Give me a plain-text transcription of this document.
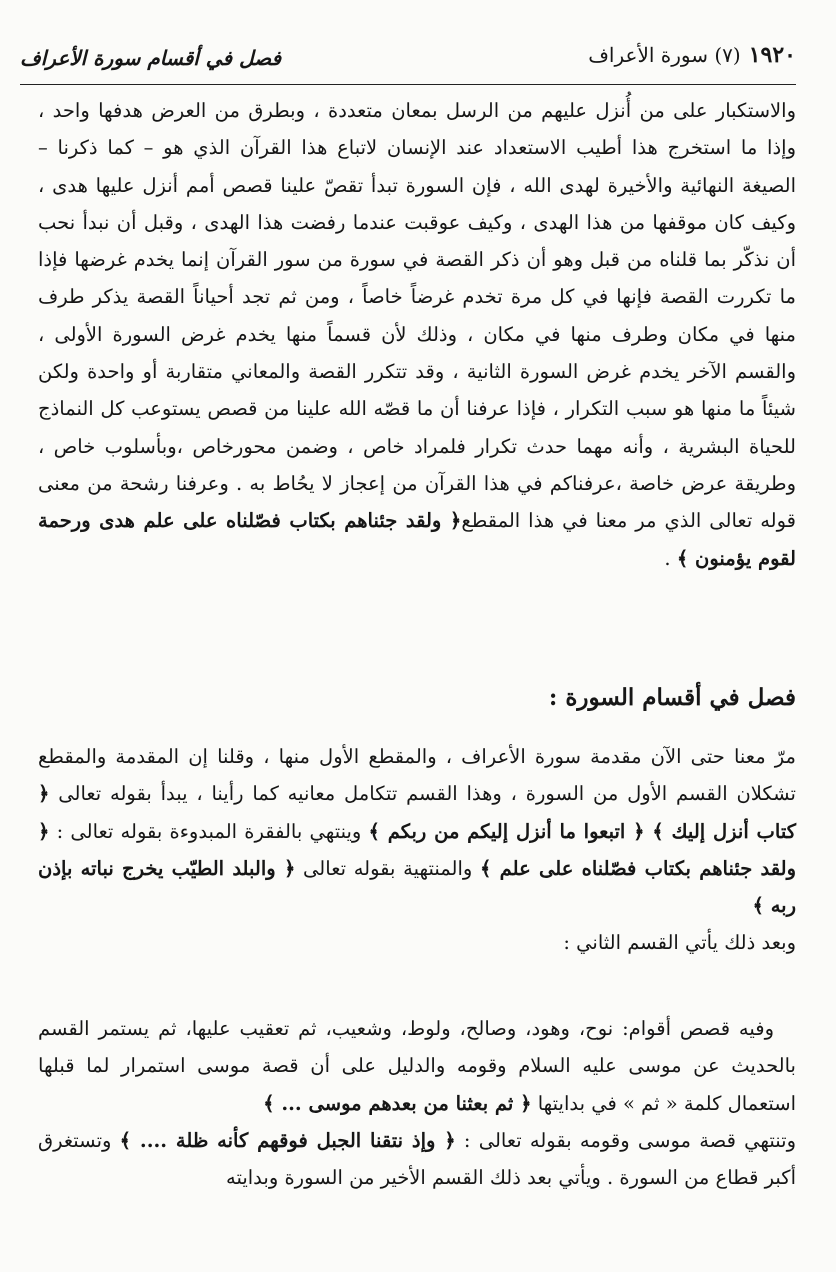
١٩٢٠(٧) سورة الأعراف
فصل في أقسام سورة الأعراف

والاستكبار على من أُنزل عليهم من الرسل بمعان متعددة ، وبطرق من العرض هدفها واحد ، وإذا ما استخرج هذا أطيب الاستعداد عند الإنسان لاتباع هذا القرآن الذي هو – كما ذكرنا – الصيغة النهائية والأخيرة لهدى الله ، فإن السورة تبدأ تقصّ علينا قصص أمم أنزل عليها هدى ، وكيف كان موقفها من هذا الهدى ، وكيف عوقبت عندما رفضت هذا الهدى ، وقبل أن نبدأ نحب أن نذكّر بما قلناه من قبل وهو أن ذكر القصة في سورة من سور القرآن إنما يخدم غرضها فإذا ما تكررت القصة فإنها في كل مرة تخدم غرضاً خاصاً ، ومن ثم تجد أحياناً القصة يذكر طرف منها في مكان وطرف منها في مكان ، وذلك لأن قسماً منها يخدم غرض السورة الأولى ، والقسم الآخر يخدم غرض السورة الثانية ، وقد تتكرر القصة والمعاني متقاربة أو واحدة ولكن شيئاً ما منها هو سبب التكرار ، فإذا عرفنا أن ما قصّه الله علينا من قصص يستوعب كل النماذج للحياة البشرية ، وأنه مهما حدث تكرار فلمراد خاص ، وضمن محورخاص ،وبأسلوب خاص ، وطريقة عرض خاصة ،عرفناكم في هذا القرآن من إعجاز لا يحُاط به . وعرفنا رشحة من معنى قوله تعالى الذي مر معنا في هذا المقطع﴿ ولقد جئناهم بكتاب فصّلناه على علم هدى ورحمة لقوم يؤمنون ﴾ .

فصل في أقسام السورة :

مرّ معنا حتى الآن مقدمة سورة الأعراف ، والمقطع الأول منها ، وقلنا إن المقدمة والمقطع تشكلان القسم الأول من السورة ، وهذا القسم تتكامل معانيه كما رأينا ، يبدأ بقوله تعالى ﴿ كتاب أنزل إليك ﴾ ﴿ اتبعوا ما أنزل إليكم من ربكم ﴾ وينتهي بالفقرة المبدوءة بقوله تعالى : ﴿ ولقد جئناهم بكتاب فصّلناه على علم ﴾ والمنتهية بقوله تعالى ﴿ والبلد الطيّب يخرج نباته بإذن ربه ﴾

وبعد ذلك يأتي القسم الثاني :

وفيه قصص أقوام: نوح، وهود، وصالح، ولوط، وشعيب، ثم تعقيب عليها، ثم يستمر القسم بالحديث عن موسى عليه السلام وقومه والدليل على أن قصة موسى استمرار لما قبلها استعمال كلمة « ثم » في بدايتها ﴿ ثم بعثنا من بعدهم موسى ... ﴾

وتنتهي قصة موسى وقومه بقوله تعالى : ﴿ وإذ نتقنا الجبل فوقهم كأنه ظلة .... ﴾ وتستغرق أكبر قطاع من السورة . ويأتي بعد ذلك القسم الأخير من السورة وبدايته
